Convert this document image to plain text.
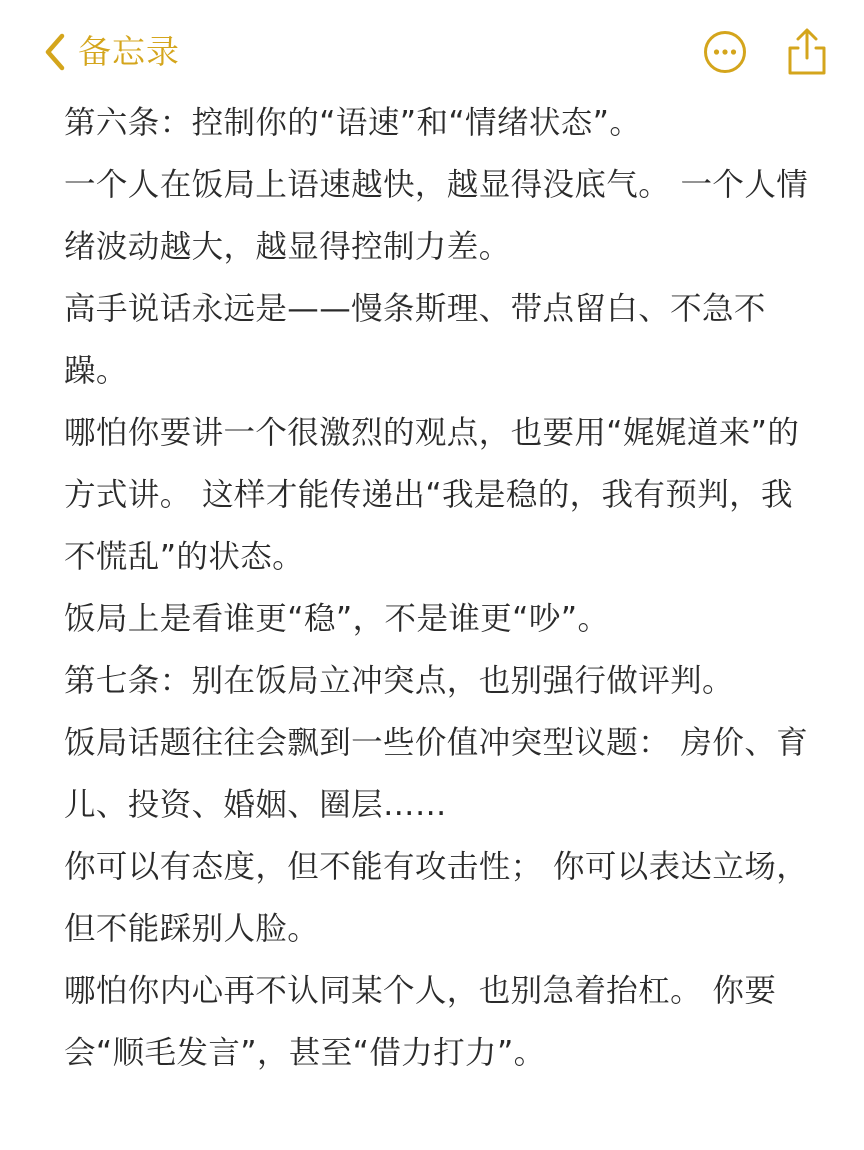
备忘录

第六条：控制你的“语速”和“情绪状态”。

一个人在饭局上语速越快，越显得没底气。 一个人情绪波动越大，越显得控制力差。

高手说话永远是——慢条斯理、带点留白、不急不躁。

哪怕你要讲一个很激烈的观点，也要用“娓娓道来”的方式讲。 这样才能传递出“我是稳的，我有预判，我不慌乱”的状态。

饭局上是看谁更“稳”，不是谁更“吵”。

第七条：别在饭局立冲突点，也别强行做评判。

饭局话题往往会飘到一些价值冲突型议题： 房价、育儿、投资、婚姻、圈层……

你可以有态度，但不能有攻击性； 你可以表达立场，但不能踩别人脸。

哪怕你内心再不认同某个人，也别急着抬杠。 你要会“顺毛发言”，甚至“借力打力”。
